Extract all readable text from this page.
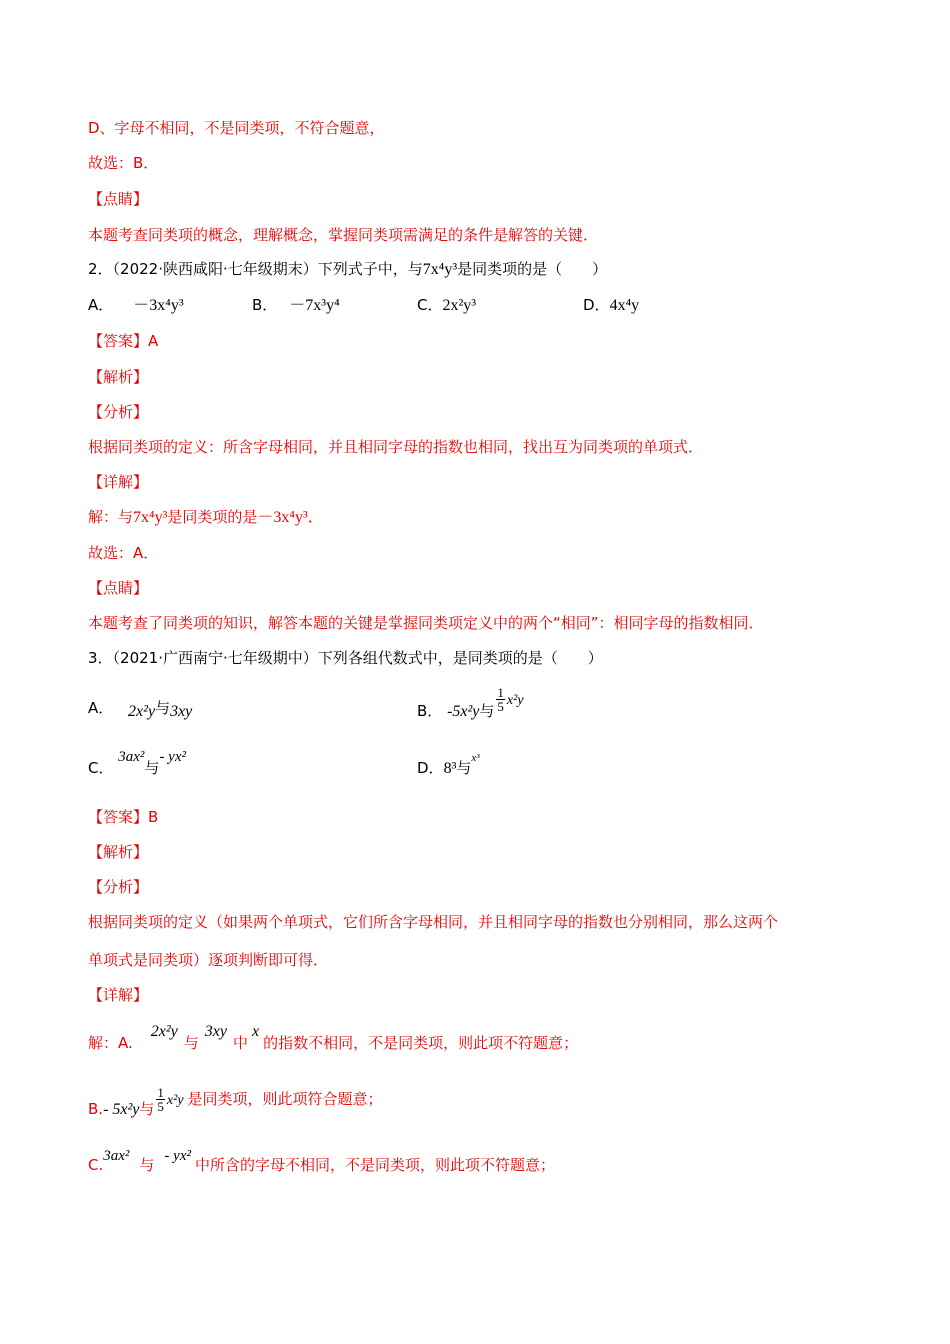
D、字母不相同，不是同类项，不符合题意，
故选：B．
【点睛】
本题考查同类项的概念，理解概念，掌握同类项需满足的条件是解答的关键．
2．（2022·陕西咸阳·七年级期末）下列式子中，与7x⁴y³是同类项的是（　　）
A． －3x⁴y³	B． －7x³y⁴	C．2x²y³	D．4x⁴y
【答案】A
【解析】
【分析】
根据同类项的定义：所含字母相同，并且相同字母的指数也相同，找出互为同类项的单项式．
【详解】
解：与7x⁴y³是同类项的是－3x⁴y³．
故选：A．
【点睛】
本题考查了同类项的知识，解答本题的关键是掌握同类项定义中的两个“相同”：相同字母的指数相同．
3．（2021·广西南宁·七年级期中）下列各组代数式中，是同类项的是（　　）
A． 2x²y与3xy	B． -5x²y与 $\frac{1}{5} x^2y$
C． 3ax²与- yx²
D．8³与$^{x^3}$
【答案】B
【解析】
【分析】
根据同类项的定义（如果两个单项式，它们所含字母相同，并且相同字母的指数也分别相同，那么这两个
单项式是同类项）逐项判断即可得．
【详解】
解：A.2x²y与3xy中x的指数不相同，不是同类项，则此项不符题意；
B.- 5x²y与 $\frac{1}{5} x^2y$ 是同类项，则此项符合题意；
C.3ax² 与 - yx² 中所含的字母不相同，不是同类项，则此项不符题意；
